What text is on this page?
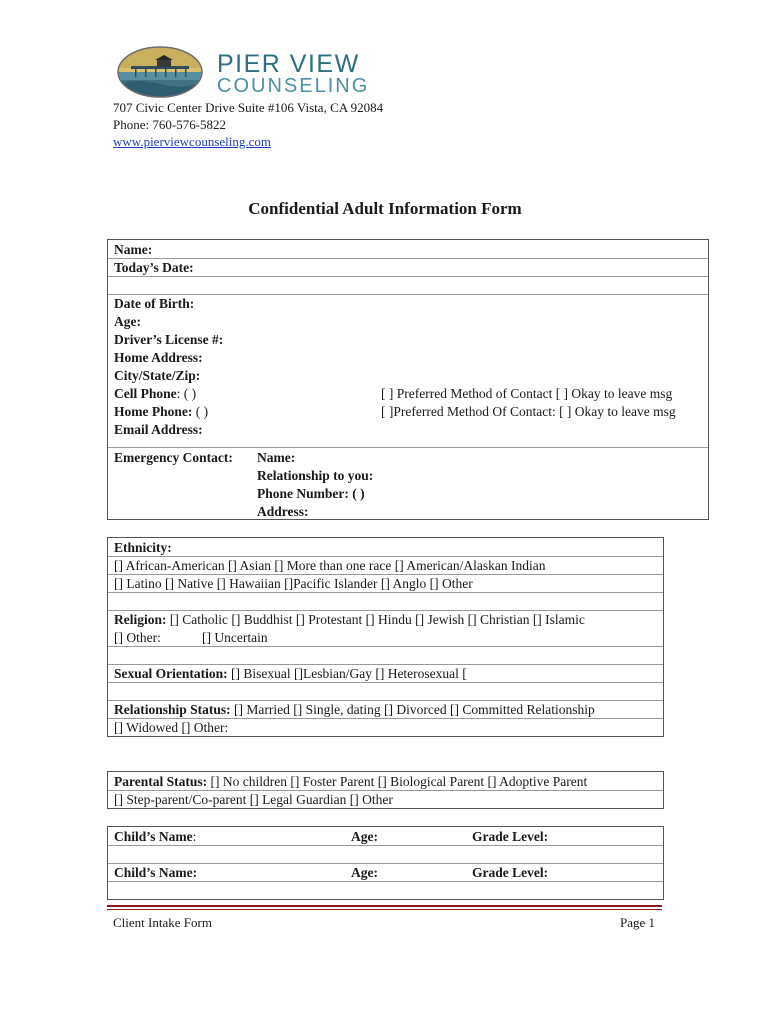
PIER VIEW
COUNSELING
707 Civic Center Drive Suite #106 Vista, CA 92084
Phone: 760-576-5822
www.pierviewcounseling.com
Confidential Adult Information Form
Name:
Today’s Date:
Date of Birth:
Age:
Driver’s License #:
Home Address:
City/State/Zip:
Cell Phone: ( )	[ ] Preferred Method of Contact [ ] Okay to leave msg
Home Phone: ( )	[ ]Preferred Method Of Contact: [ ] Okay to leave msg
Email Address:
Emergency Contact: Name:
Relationship to you:
Phone Number: ( )
Address:
Ethnicity:
[] African-American [] Asian [] More than one race [] American/Alaskan Indian
[] Latino [] Native [] Hawaiian []Pacific Islander [] Anglo [] Other
Religion: [] Catholic [] Buddhist [] Protestant [] Hindu [] Jewish [] Christian [] Islamic
[] Other:	[] Uncertain
Sexual Orientation: [] Bisexual []Lesbian/Gay [] Heterosexual [
Relationship Status: [] Married [] Single, dating [] Divorced [] Committed Relationship
[] Widowed [] Other:
Parental Status: [] No children [] Foster Parent [] Biological Parent [] Adoptive Parent
[] Step-parent/Co-parent [] Legal Guardian [] Other
Child’s Name:	Age:	Grade Level:
Child’s Name:	Age:	Grade Level:
Client Intake Form	Page 1
